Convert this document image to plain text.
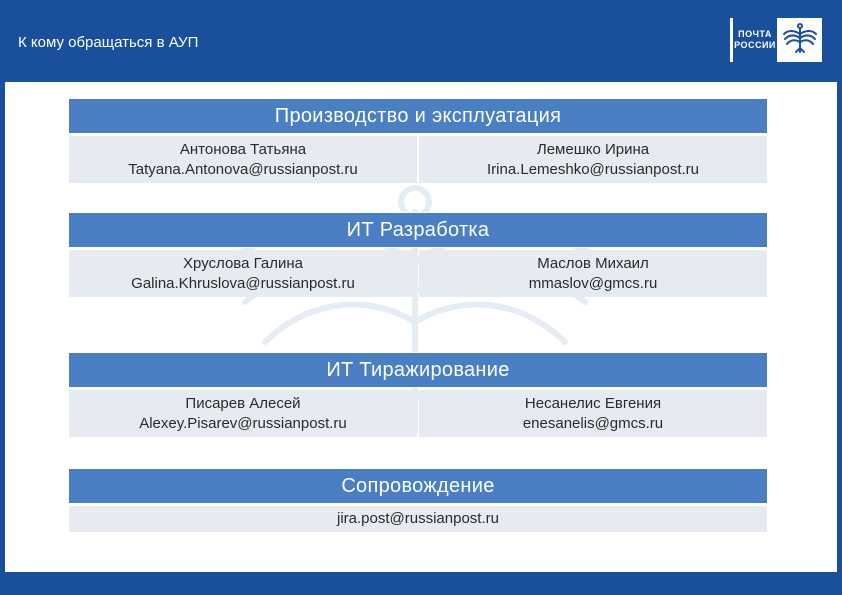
К кому обращаться в АУП	ПОЧТА
РОССИИ
Производство и эксплуатация
Антонова Татьяна
Tatyana.Antonova@russianpost.ru
Лемешко Ирина
Irina.Lemeshko@russianpost.ru
ИТ Разработка
Хруслова Галина
Galina.Khruslova@russianpost.ru
Маслов Михаил
mmaslov@gmcs.ru
ИТ Тиражирование
Писарев Алесей
Alexey.Pisarev@russianpost.ru
Несанелис Евгения
enesanelis@gmcs.ru
Сопровождение
jira.post@russianpost.ru
